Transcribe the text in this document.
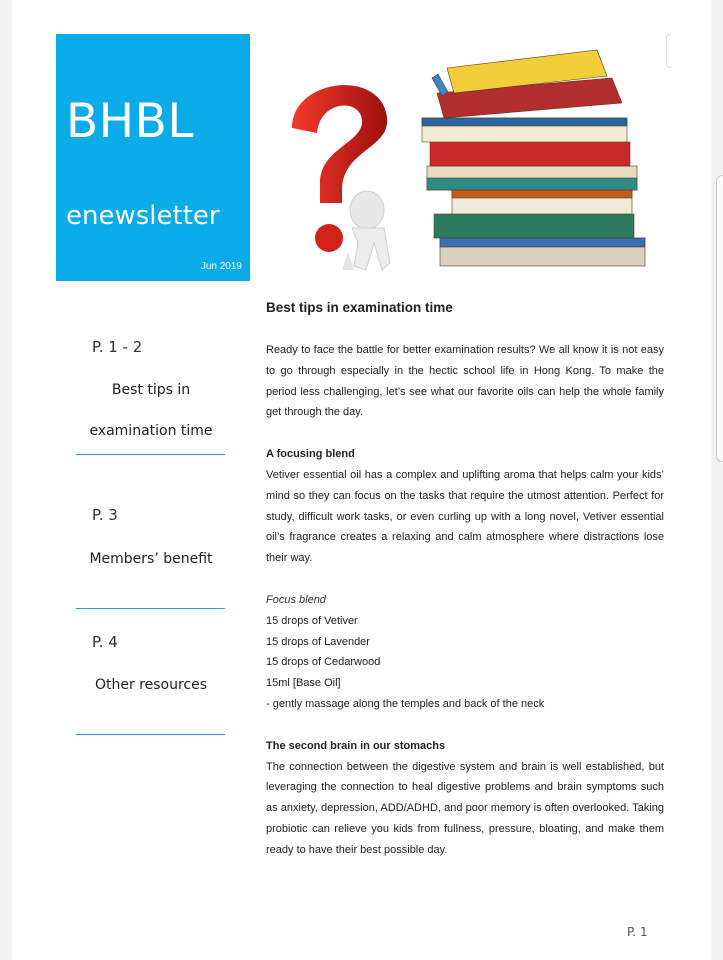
BHBL
enewsletter
Jun 2019
P. 1 - 2
Best tips in
examination time
P. 3
Members’ benefit
P. 4
Other resources
Best tips in examination time

Ready to face the battle for better examination results? We all know it is not easy to go through especially in the hectic school life in Hong Kong. To make the period less challenging, let’s see what our favorite oils can help the whole family get through the day.

A focusing blend

Vetiver essential oil has a complex and uplifting aroma that helps calm your kids’ mind so they can focus on the tasks that require the utmost attention. Perfect for study, difficult work tasks, or even curling up with a long novel, Vetiver essential oil’s fragrance creates a relaxing and calm atmosphere where distractions lose their way.

Focus blend

15 drops of Vetiver

15 drops of Lavender

15 drops of Cedarwood

15ml [Base Oil]

- gently massage along the temples and back of the neck

The second brain in our stomachs

The connection between the digestive system and brain is well established, but leveraging the connection to heal digestive problems and brain symptoms such as anxiety, depression, ADD/ADHD, and poor memory is often overlooked. Taking probiotic can relieve you kids from fullness, pressure, bloating, and make them ready to have their best possible day.

P. 1
